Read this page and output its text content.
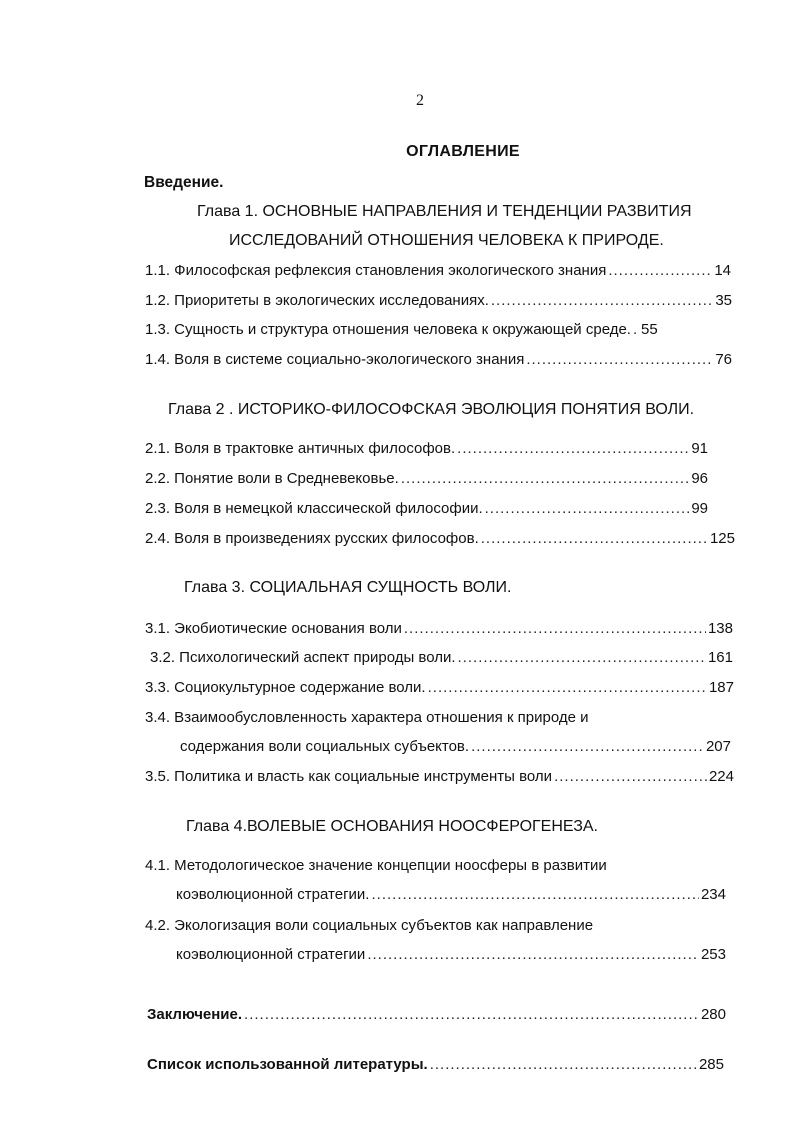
2
ОГЛАВЛЕНИЕ
Введение.
Глава 1. ОСНОВНЫЕ НАПРАВЛЕНИЯ И ТЕНДЕНЦИИ РАЗВИТИЯ
ИССЛЕДОВАНИЙ ОТНОШЕНИЯ ЧЕЛОВЕКА К ПРИРОДЕ.
1.1. Философская рефлексия становления экологического знания .....	14
1.2. Приоритеты в экологических исследованиях. .....	35
1.3. Сущность и структура отношения человека к окружающей среде. ..... 55
1.4. Воля в системе социально-экологического знания .....	76
Глава 2 . ИСТОРИКО-ФИЛОСОФСКАЯ ЭВОЛЮЦИЯ ПОНЯТИЯ ВОЛИ.
2.1. Воля в трактовке античных философов. .....	91
2.2. Понятие воли в Средневековье. .....	96
2.3. Воля в немецкой классической философии. .....	99
2.4. Воля в произведениях русских философов. .....	125
Глава 3. СОЦИАЛЬНАЯ СУЩНОСТЬ ВОЛИ.
3.1. Экобиотические основания воли .....	138
3.2. Психологический аспект природы воли. .....	161
3.3. Социокультурное содержание воли. .....	187
3.4. Взаимообусловленность характера отношения к природе и
содержания воли социальных субъектов. .....	207
3.5. Политика и власть как социальные инструменты воли .....	224
Глава 4.ВОЛЕВЫЕ ОСНОВАНИЯ НООСФЕРОГЕНЕЗА.
4.1. Методологическое значение концепции ноосферы в развитии
коэволюционной стратегии. .....	234
4.2. Экологизация воли социальных субъектов как направление
коэволюционной стратегии .....	253
Заключение. .....	280
Список использованной литературы. .....	285
